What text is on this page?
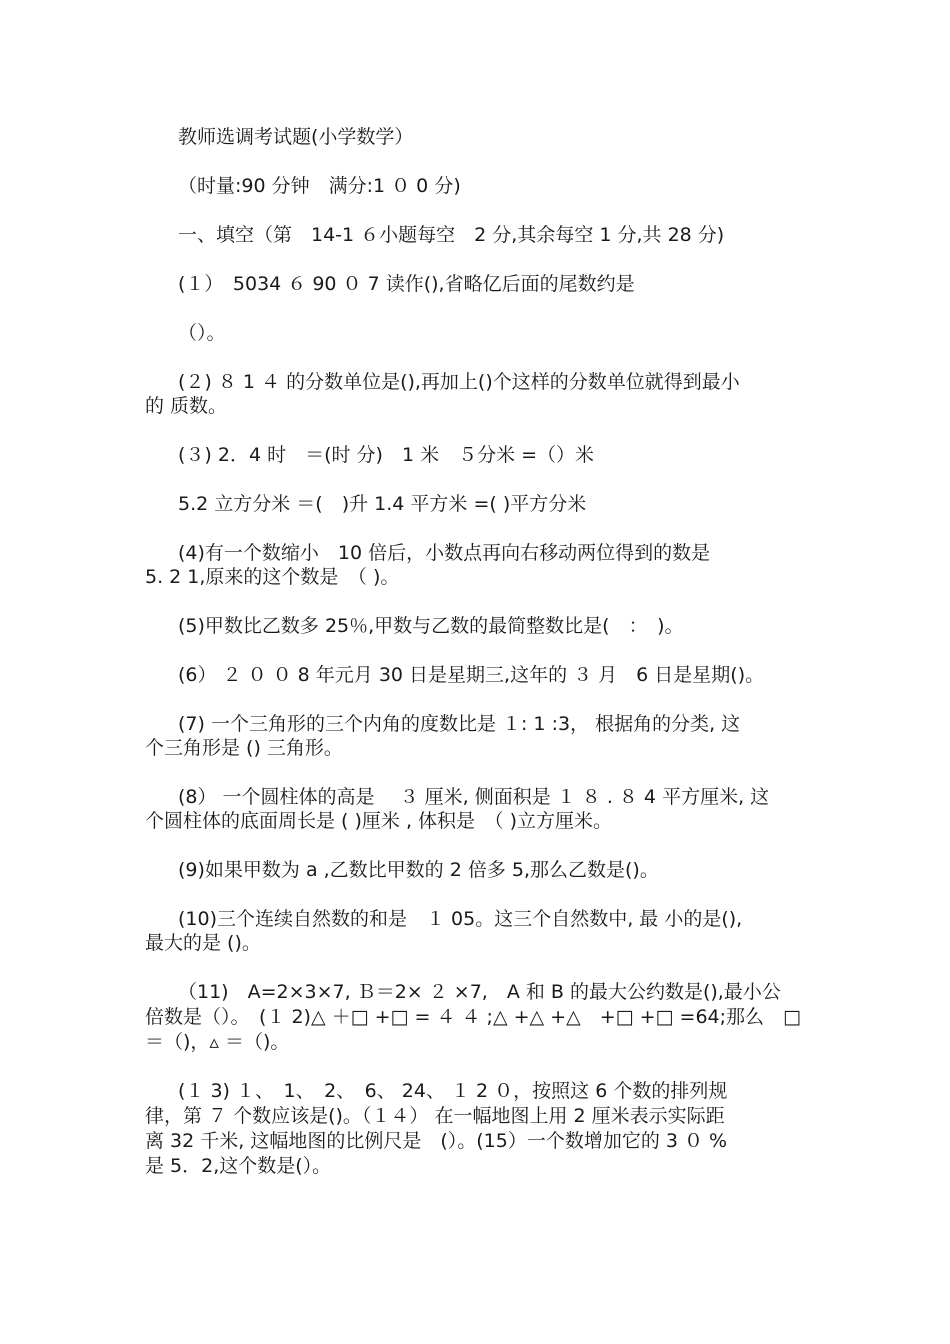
教师选调考试题(小学数学）
（时量:90 分钟　满分:1 ０ 0 分)
一、填空（第　14-1 ６小题每空　2 分,其余每空 1 分,共 28 分)
(１）　5034 ６ 90 ０ 7 读作(),省略亿后面的尾数约是
（）。
(２) ８ 1 ４ 的分数单位是(),再加上()个这样的分数单位就得到最小
的 质数。
(３) 2．4 时　＝(时 分)　1 米　５分米 =（）米
5.2 立方分米 ＝(　)升 1.4 平方米 =( )平方分米
(4)有一个数缩小　10 倍后，小数点再向右移动两位得到的数是
5. 2 1,原来的这个数是　（ )。
(5)甲数比乙数多 25％,甲数与乙数的最简整数比是(　：　)。
(6） ２ ０ ０ 8 年元月 30 日是星期三,这年的 ３ 月　6 日是星期()。
(7) 一个三角形的三个内角的度数比是 １: 1 :3， 根据角的分类, 这
个三角形是 () 三角形。
(8） 一个圆柱体的高是　 ３ 厘米, 侧面积是 １ ８ . ８ 4 平方厘米, 这
个圆柱体的底面周长是 ( )厘米 , 体积是　（ )立方厘米。
(9)如果甲数为 a ,乙数比甲数的 2 倍多 5,那么乙数是()。
(10)三个连续自然数的和是　１ 05。这三个自然数中, 最 小的是(),
最大的是 ()。
（11)　A=2×3×7, Ｂ＝2× ２ ×7,　A 和 B 的最大公约数是(),最小公
倍数是（）。　(１ 2)△ ＋□ +□ = ４ ４ ;△ +△ +△　+□ +□ =64;那么　□
＝（)，▵ ＝（)。
(１ 3) １、　1、　2、　6、 24、 １ 2 ０，按照这 6 个数的排列规
律，第 ７ 个数应该是()。（１４） 在一幅地图上用 2 厘米表示实际距
离 32 千米, 这幅地图的比例尺是　(）。(15）一个数增加它的 3 ０ %
是 5．2,这个数是(）。
